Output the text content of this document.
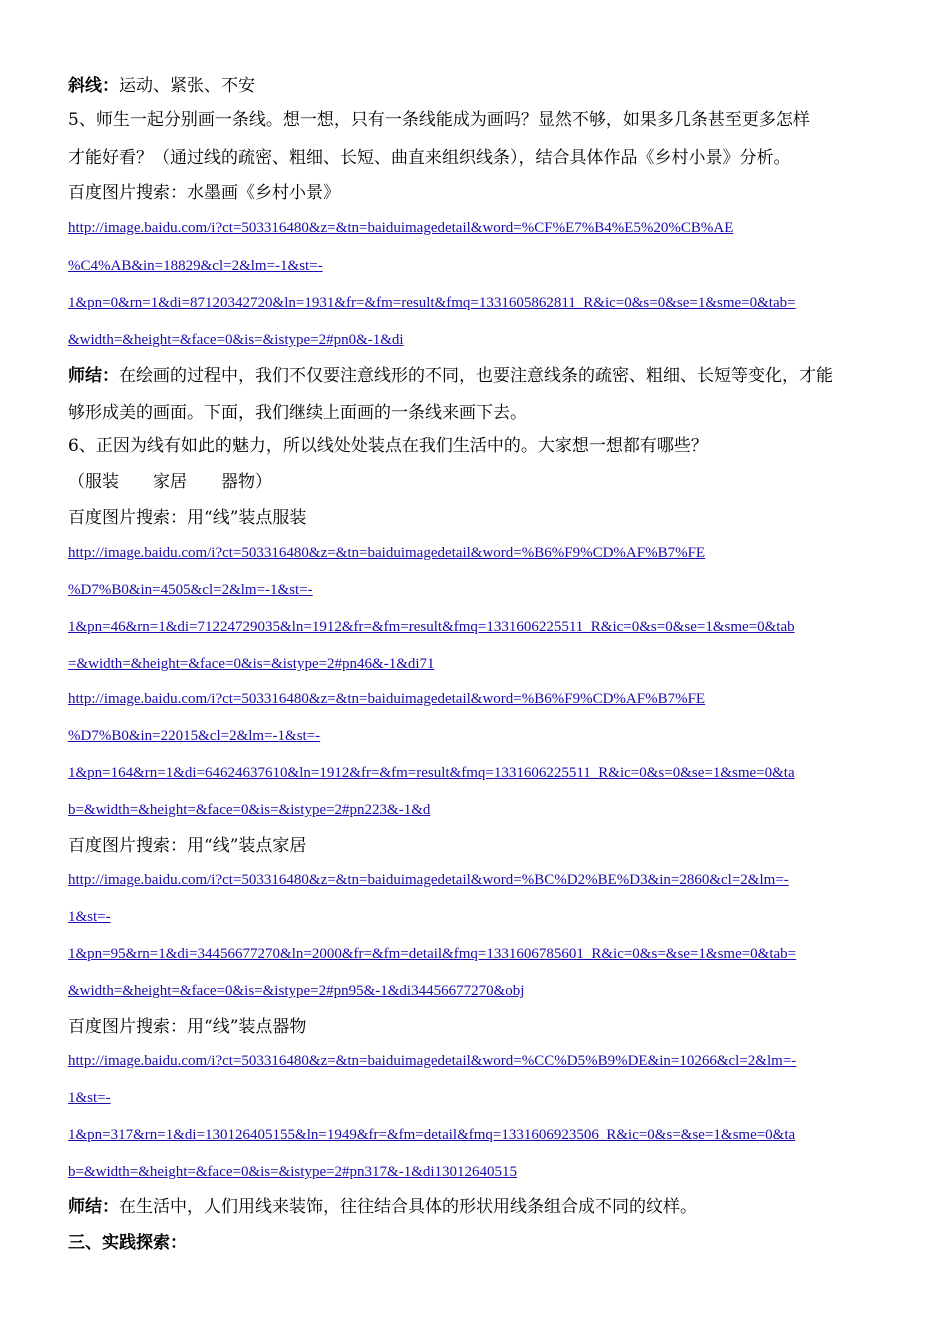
斜线：运动、紧张、不安
5、师生一起分别画一条线。想一想，只有一条线能成为画吗？显然不够，如果多几条甚至更多怎样
才能好看？（通过线的疏密、粗细、长短、曲直来组织线条），结合具体作品《乡村小景》分析。
百度图片搜索：水墨画《乡村小景》
http://image.baidu.com/i?ct=503316480&z=&tn=baiduimagedetail&word=%CF%E7%B4%E5%20%CB%AE
%C4%AB&in=18829&cl=2&lm=-1&st=-
1&pn=0&rn=1&di=87120342720&ln=1931&fr=&fm=result&fmq=1331605862811_R&ic=0&s=0&se=1&sme=0&tab=
&width=&height=&face=0&is=&istype=2#pn0&-1&di
师结：在绘画的过程中，我们不仅要注意线形的不同，也要注意线条的疏密、粗细、长短等变化，才能
够形成美的画面。下面，我们继续上面画的一条线来画下去。
6、正因为线有如此的魅力，所以线处处装点在我们生活中的。大家想一想都有哪些？
（服装　　家居　　器物）
百度图片搜索：用“线”装点服装
http://image.baidu.com/i?ct=503316480&z=&tn=baiduimagedetail&word=%B6%F9%CD%AF%B7%FE
%D7%B0&in=4505&cl=2&lm=-1&st=-
1&pn=46&rn=1&di=71224729035&ln=1912&fr=&fm=result&fmq=1331606225511_R&ic=0&s=0&se=1&sme=0&tab
=&width=&height=&face=0&is=&istype=2#pn46&-1&di71
http://image.baidu.com/i?ct=503316480&z=&tn=baiduimagedetail&word=%B6%F9%CD%AF%B7%FE
%D7%B0&in=22015&cl=2&lm=-1&st=-
1&pn=164&rn=1&di=64624637610&ln=1912&fr=&fm=result&fmq=1331606225511_R&ic=0&s=0&se=1&sme=0&ta
b=&width=&height=&face=0&is=&istype=2#pn223&-1&d
百度图片搜索：用“线”装点家居
http://image.baidu.com/i?ct=503316480&z=&tn=baiduimagedetail&word=%BC%D2%BE%D3&in=2860&cl=2&lm=-
1&st=-
1&pn=95&rn=1&di=34456677270&ln=2000&fr=&fm=detail&fmq=1331606785601_R&ic=0&s=&se=1&sme=0&tab=
&width=&height=&face=0&is=&istype=2#pn95&-1&di34456677270&obj
百度图片搜索：用“线”装点器物
http://image.baidu.com/i?ct=503316480&z=&tn=baiduimagedetail&word=%CC%D5%B9%DE&in=10266&cl=2&lm=-
1&st=-
1&pn=317&rn=1&di=130126405155&ln=1949&fr=&fm=detail&fmq=1331606923506_R&ic=0&s=&se=1&sme=0&ta
b=&width=&height=&face=0&is=&istype=2#pn317&-1&di13012640515
师结：在生活中，人们用线来装饰，往往结合具体的形状用线条组合成不同的纹样。
三、实践探索：
